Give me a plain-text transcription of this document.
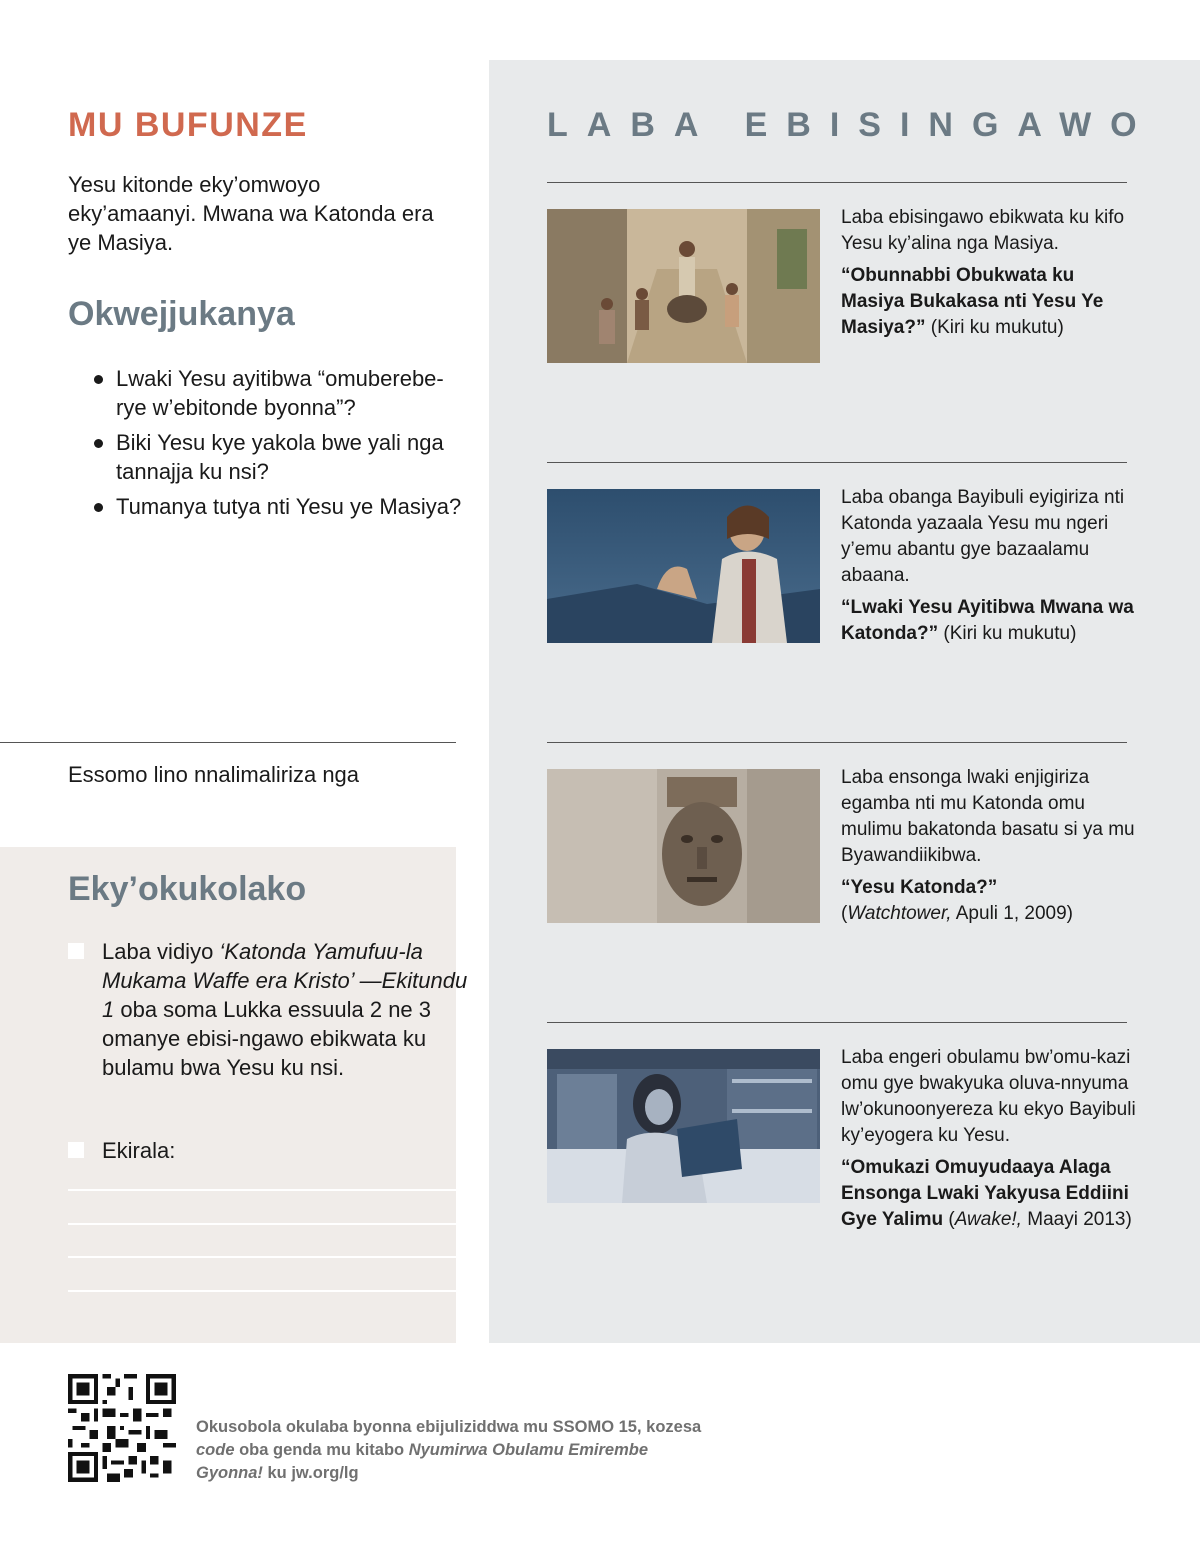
MU BUFUNZE
Yesu kitonde eky’omwoyo eky’amaanyi. Mwana wa Katonda era ye Masiya.
Okwejjukanya
Lwaki Yesu ayitibwa “omuberebe-rye w’ebitonde byonna”?
Biki Yesu kye yakola bwe yali nga tannajja ku nsi?
Tumanya tutya nti Yesu ye Masiya?
Essomo lino nnalimaliriza nga
Eky’okukolako
Laba vidiyo ‘Katonda Yamufuu-la Mukama Waffe era Kristo’ —Ekitundu 1 oba soma Lukka essuula 2 ne 3 omanye ebisi-ngawo ebikwata ku bulamu bwa Yesu ku nsi.
Ekirala:
LABA EBISINGAWO

Laba ebisingawo ebikwata ku kifo Yesu ky’alina nga Masiya.

“Obunnabbi Obukwata ku Masiya Bukakasa nti Yesu Ye Masiya?” (Kiri ku mukutu)

Laba obanga Bayibuli eyigiriza nti Katonda yazaala Yesu mu ngeri y’emu abantu gye bazaalamu abaana.

“Lwaki Yesu Ayitibwa Mwana wa Katonda?” (Kiri ku mukutu)

Laba ensonga lwaki enjigiriza egamba nti mu Katonda omu mulimu bakatonda basatu si ya mu Byawandiikibwa.

“Yesu Katonda?”

(Watchtower, Apuli 1, 2009)

Laba engeri obulamu bw’omu-kazi omu gye bwakyuka oluva-nnyuma lw’okunoonyereza ku ekyo Bayibuli ky’eyogera ku Yesu.

“Omukazi Omuyudaaya Alaga Ensonga Lwaki Yakyusa Eddiini Gye Yalimu (Awake!, Maayi 2013)

Okusobola okulaba byonna ebijuliziddwa mu SSOMO 15, kozesa code oba genda mu kitabo Nyumirwa Obulamu Emirembe Gyonna! ku jw.org/lg
